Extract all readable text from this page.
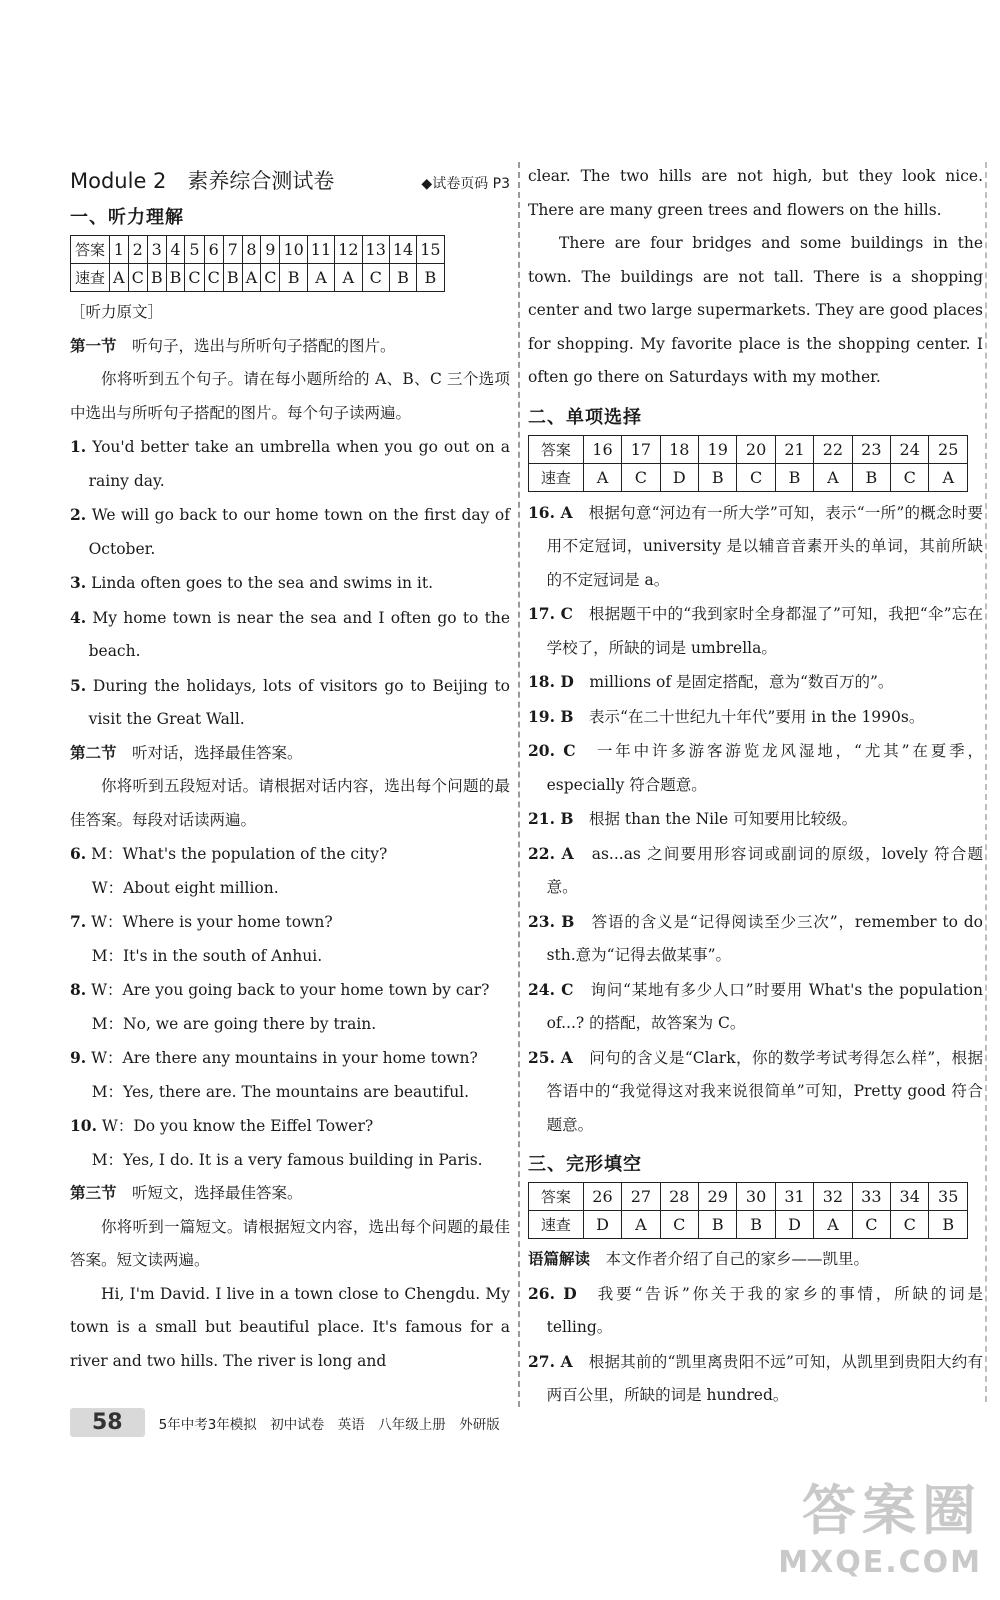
Module 2　素养综合测试卷	◆试卷页码 P3
一、听力理解
答案	1	2	3	4	5	6	7	8	9	10	11	12	13	14	15
速查	A	C	B	B	C	C	B	A	C	B	A	A	C	B	B

［听力原文］

第一节　 听句子，选出与所听句子搭配的图片。

你将听到五个句子。请在每小题所给的 A、B、C 三个选项中选出与所听句子搭配的图片。每个句子读两遍。

1. You'd better take an umbrella when you go out on a rainy day.

2. We will go back to our home town on the first day of October.

3. Linda often goes to the sea and swims in it.

4. My home town is near the sea and I often go to the beach.

5. During the holidays, lots of visitors go to Beijing to visit the Great Wall.

第二节　 听对话，选择最佳答案。

你将听到五段短对话。请根据对话内容，选出每个问题的最佳答案。每段对话读两遍。

6. M：What's the population of the city?

W：About eight million.

7. W：Where is your home town?

M：It's in the south of Anhui.

8. W：Are you going back to your home town by car?

M：No, we are going there by train.

9. W：Are there any mountains in your home town?

M：Yes, there are. The mountains are beautiful.

10. W：Do you know the Eiffel Tower?

M：Yes, I do. It is a very famous building in Paris.

第三节　 听短文，选择最佳答案。

你将听到一篇短文。请根据短文内容，选出每个问题的最佳答案。短文读两遍。

Hi, I'm David. I live in a town close to Chengdu. My town is a small but beautiful place. It's famous for a river and two hills. The river is long and

clear. The two hills are not high, but they look nice. There are many green trees and flowers on the hills.

There are four bridges and some buildings in the town. The buildings are not tall. There is a shopping center and two large supermarkets. They are good places for shopping. My favorite place is the shopping center. I often go there on Saturdays with my mother.

二、单项选择
答案	16	17	18	19	20	21	22	23	24	25
速查	A	C	D	B	C	B	A	B	C	A

16. A　 根据句意“河边有一所大学”可知，表示“一所”的概念时要用不定冠词，university 是以辅音音素开头的单词，其前所缺的不定冠词是 a。

17. C　 根据题干中的“我到家时全身都湿了”可知，我把“伞”忘在学校了，所缺的词是 umbrella。

18. D　 millions of 是固定搭配，意为“数百万的”。

19. B　 表示“在二十世纪九十年代”要用 in the 1990s。

20. C　 一年中许多游客游览龙风湿地，“尤其”在夏季，especially 符合题意。

21. B　 根据 than the Nile 可知要用比较级。

22. A　 as...as 之间要用形容词或副词的原级，lovely 符合题意。

23. B　 答语的含义是“记得阅读至少三次”，remember to do sth.意为“记得去做某事”。

24. C　 询问“某地有多少人口”时要用 What's the population of...? 的搭配，故答案为 C。

25. A　 问句的含义是“Clark，你的数学考试考得怎么样”，根据答语中的“我觉得这对我来说很简单”可知，Pretty good 符合题意。

三、完形填空
答案	26	27	28	29	30	31	32	33	34	35
速查	D	A	C	B	B	D	A	C	C	B

语篇解读　 本文作者介绍了自己的家乡——凯里。

26. D　 我要“告诉”你关于我的家乡的事情，所缺的词是 telling。

27. A　 根据其前的“凯里离贵阳不远”可知，从凯里到贵阳大约有两百公里，所缺的词是 hundred。

58	5年中考3年模拟　初中试卷　英语　八年级上册　外研版
答案圈
MXQE.COM
